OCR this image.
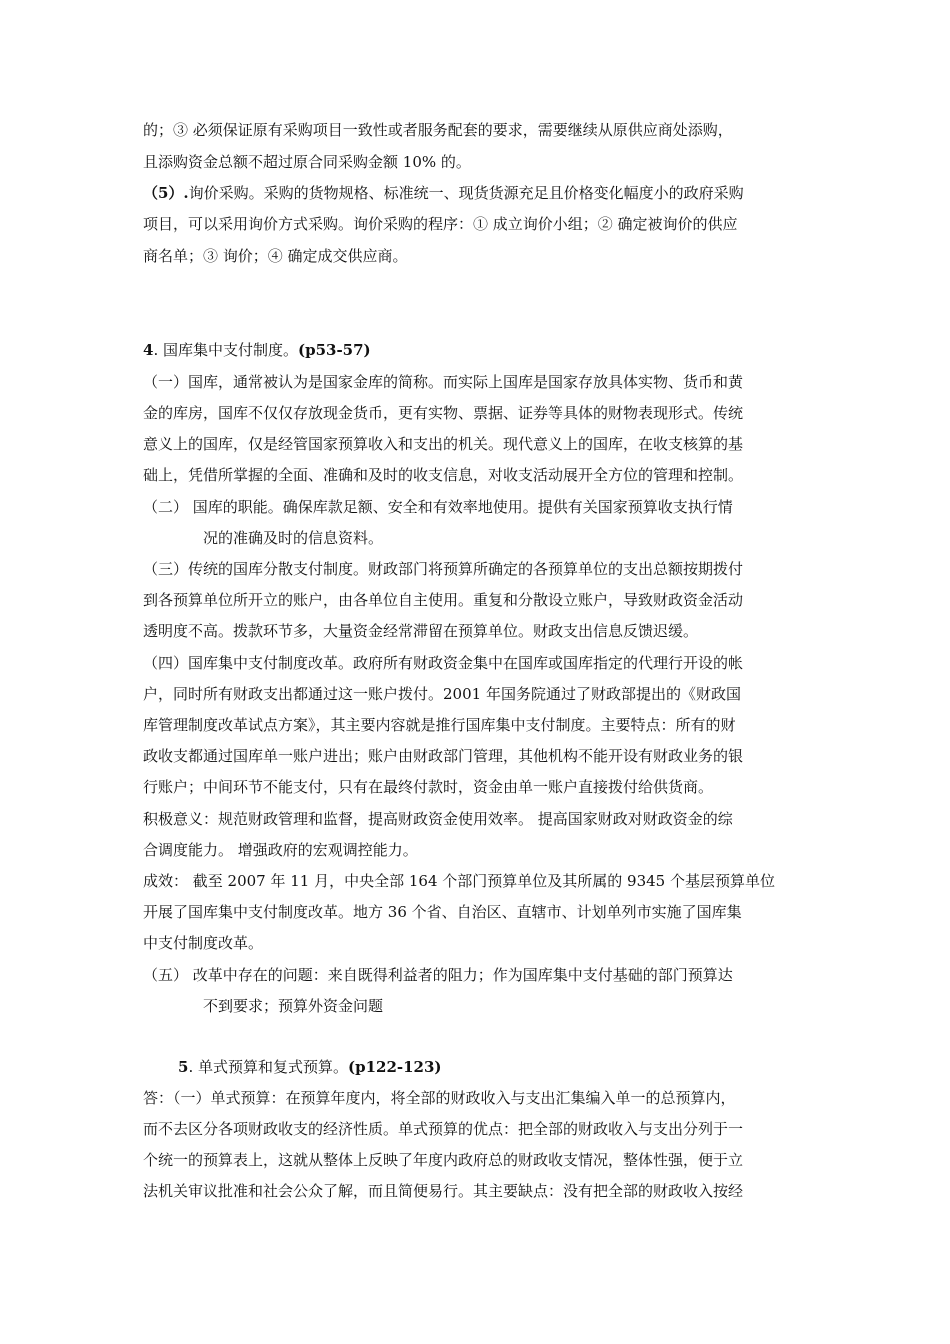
的；③ 必须保证原有采购项目一致性或者服务配套的要求，需要继续从原供应商处添购，

且添购资金总额不超过原合同采购金额 10% 的。

（5）.询价采购。采购的货物规格、标准统一、现货货源充足且价格变化幅度小的政府采购

项目，可以采用询价方式采购。询价采购的程序：① 成立询价小组；② 确定被询价的供应

商名单；③ 询价；④ 确定成交供应商。

4. 国库集中支付制度。(p53-57)

（一）国库，通常被认为是国家金库的简称。而实际上国库是国家存放具体实物、货币和黄

金的库房，国库不仅仅存放现金货币，更有实物、票据、证券等具体的财物表现形式。传统

意义上的国库，仅是经管国家预算收入和支出的机关。现代意义上的国库，在收支核算的基

础上，凭借所掌握的全面、准确和及时的收支信息，对收支活动展开全方位的管理和控制。

（二） 国库的职能。确保库款足额、安全和有效率地使用。提供有关国家预算收支执行情

况的准确及时的信息资料。

（三）传统的国库分散支付制度。财政部门将预算所确定的各预算单位的支出总额按期拨付

到各预算单位所开立的账户，由各单位自主使用。重复和分散设立账户，导致财政资金活动

透明度不高。拨款环节多，大量资金经常滞留在预算单位。财政支出信息反馈迟缓。

（四）国库集中支付制度改革。政府所有财政资金集中在国库或国库指定的代理行开设的帐

户，同时所有财政支出都通过这一账户拨付。2001 年国务院通过了财政部提出的《财政国

库管理制度改革试点方案》，其主要内容就是推行国库集中支付制度。主要特点：所有的财

政收支都通过国库单一账户进出；账户由财政部门管理，其他机构不能开设有财政业务的银

行账户；中间环节不能支付，只有在最终付款时，资金由单一账户直接拨付给供货商。

积极意义：规范财政管理和监督，提高财政资金使用效率。 提高国家财政对财政资金的综

合调度能力。 增强政府的宏观调控能力。

成效： 截至 2007 年 11 月，中央全部 164 个部门预算单位及其所属的 9345 个基层预算单位

开展了国库集中支付制度改革。地方 36 个省、自治区、直辖市、计划单列市实施了国库集

中支付制度改革。

（五） 改革中存在的问题：来自既得利益者的阻力；作为国库集中支付基础的部门预算达

不到要求；预算外资金问题

5. 单式预算和复式预算。(p122-123)

答：（一）单式预算：在预算年度内，将全部的财政收入与支出汇集编入单一的总预算内，

而不去区分各项财政收支的经济性质。单式预算的优点：把全部的财政收入与支出分列于一

个统一的预算表上，这就从整体上反映了年度内政府总的财政收支情况，整体性强，便于立

法机关审议批准和社会公众了解，而且简便易行。其主要缺点：没有把全部的财政收入按经
